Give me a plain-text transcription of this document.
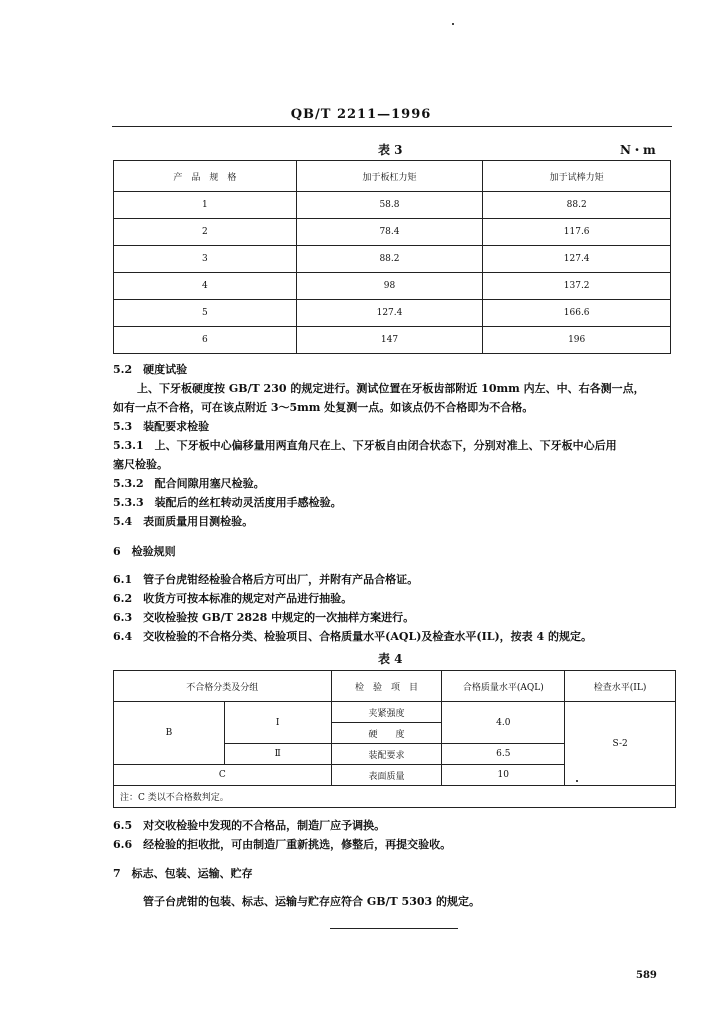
QB/T 2211—1996
表 3	N・m
产　品　规　格	加于板杠力矩	加于试棒力矩
1	58.8	88.2
2	78.4	117.6
3	88.2	127.4
4	98	137.2
5	127.4	166.6
6	147	196
5.2　硬度试验
上、下牙板硬度按 GB/T 230 的规定进行。测试位置在牙板齿部附近 10mm 内左、中、右各测一点，
如有一点不合格，可在该点附近 3～5mm 处复测一点。如该点仍不合格即为不合格。
5.3　装配要求检验
5.3.1　上、下牙板中心偏移量用两直角尺在上、下牙板自由闭合状态下，分别对准上、下牙板中心后用
塞尺检验。
5.3.2　配合间隙用塞尺检验。
5.3.3　装配后的丝杠转动灵活度用手感检验。
5.4　表面质量用目测检验。
6　检验规则
6.1　管子台虎钳经检验合格后方可出厂，并附有产品合格证。
6.2　收货方可按本标准的规定对产品进行抽验。
6.3　交收检验按 GB/T 2828 中规定的一次抽样方案进行。
6.4　交收检验的不合格分类、检验项目、合格质量水平(AQL)及检查水平(IL)，按表 4 的规定。
表 4
不合格分类及分组		检　验　项　目	合格质量水平(AQL)	检查水平(IL)
B	Ⅰ	夹紧强度	4.0	S-2
		硬　　度		
	Ⅱ	装配要求	6.5	
C		表面质量	10	
注：C 类以不合格数判定。				
6.5　对交收检验中发现的不合格品，制造厂应予调换。
6.6　经检验的拒收批，可由制造厂重新挑选，修整后，再提交验收。
7　标志、包装、运输、贮存
管子台虎钳的包装、标志、运输与贮存应符合 GB/T 5303 的规定。
589
